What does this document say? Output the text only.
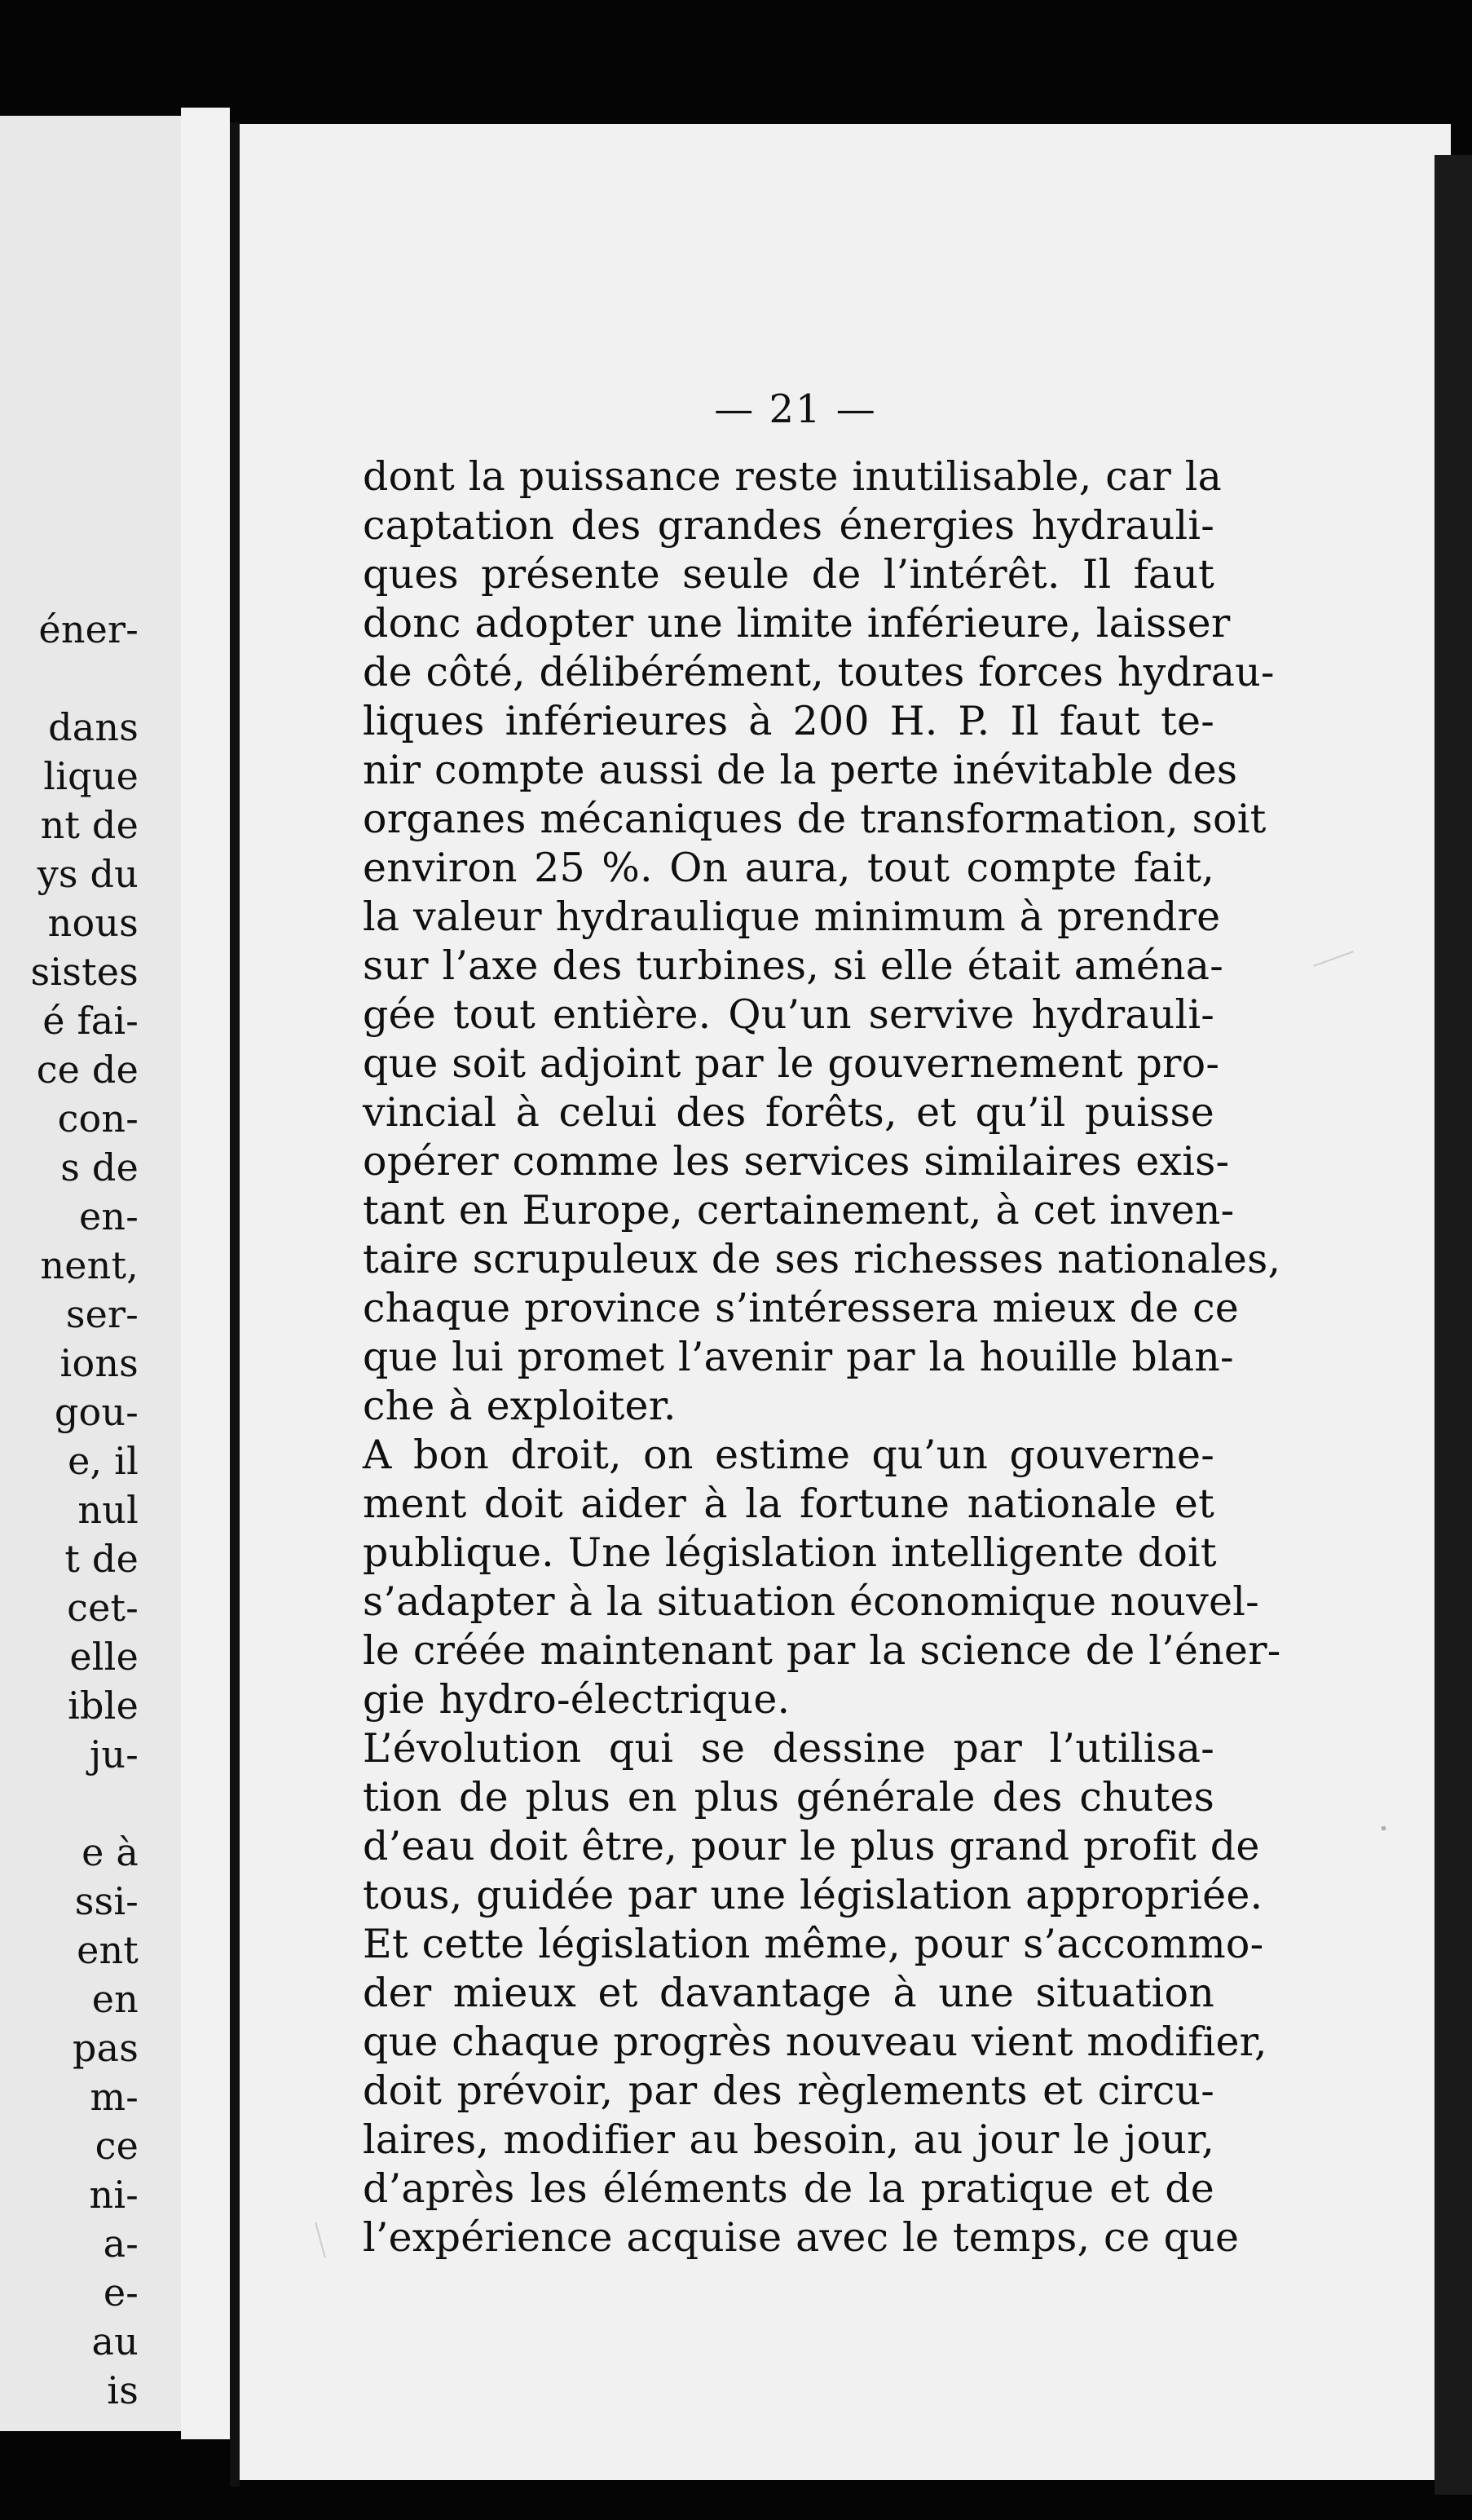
éner-
dans
lique
nt de
ys du
nous
sistes
é fai-
ce de
con-
s de
en-
nent,
ser-
ions
gou-
e, il
nul
t de
cet-
elle
ible
ju-
e à
ssi-
ent
en
pas
m-
ce
ni-
a-
e-
au
is
— 21 —
dont la puissance reste inutilisable, car la
captation des grandes énergies hydrauli-
ques présente seule de l’intérêt. Il faut
donc adopter une limite inférieure, laisser
de côté, délibérément, toutes forces hydrau-
liques inférieures à 200 H. P. Il faut te-
nir compte aussi de la perte inévitable des
organes mécaniques de transformation, soit
environ 25 %. On aura, tout compte fait,
la valeur hydraulique minimum à prendre
sur l’axe des turbines, si elle était aména-
gée tout entière. Qu’un servive hydrauli-
que soit adjoint par le gouvernement pro-
vincial à celui des forêts, et qu’il puisse
opérer comme les services similaires exis-
tant en Europe, certainement, à cet inven-
taire scrupuleux de ses richesses nationales,
chaque province s’intéressera mieux de ce
que lui promet l’avenir par la houille blan-
che à exploiter.
A bon droit, on estime qu’un gouverne-
ment doit aider à la fortune nationale et
publique. Une législation intelligente doit
s’adapter à la situation économique nouvel-
le créée maintenant par la science de l’éner-
gie hydro-électrique.
L’évolution qui se dessine par l’utilisa-
tion de plus en plus générale des chutes
d’eau doit être, pour le plus grand profit de
tous, guidée par une législation appropriée.
Et cette législation même, pour s’accommo-
der mieux et davantage à une situation
que chaque progrès nouveau vient modifier,
doit prévoir, par des règlements et circu-
laires, modifier au besoin, au jour le jour,
d’après les éléments de la pratique et de
l’expérience acquise avec le temps, ce que
